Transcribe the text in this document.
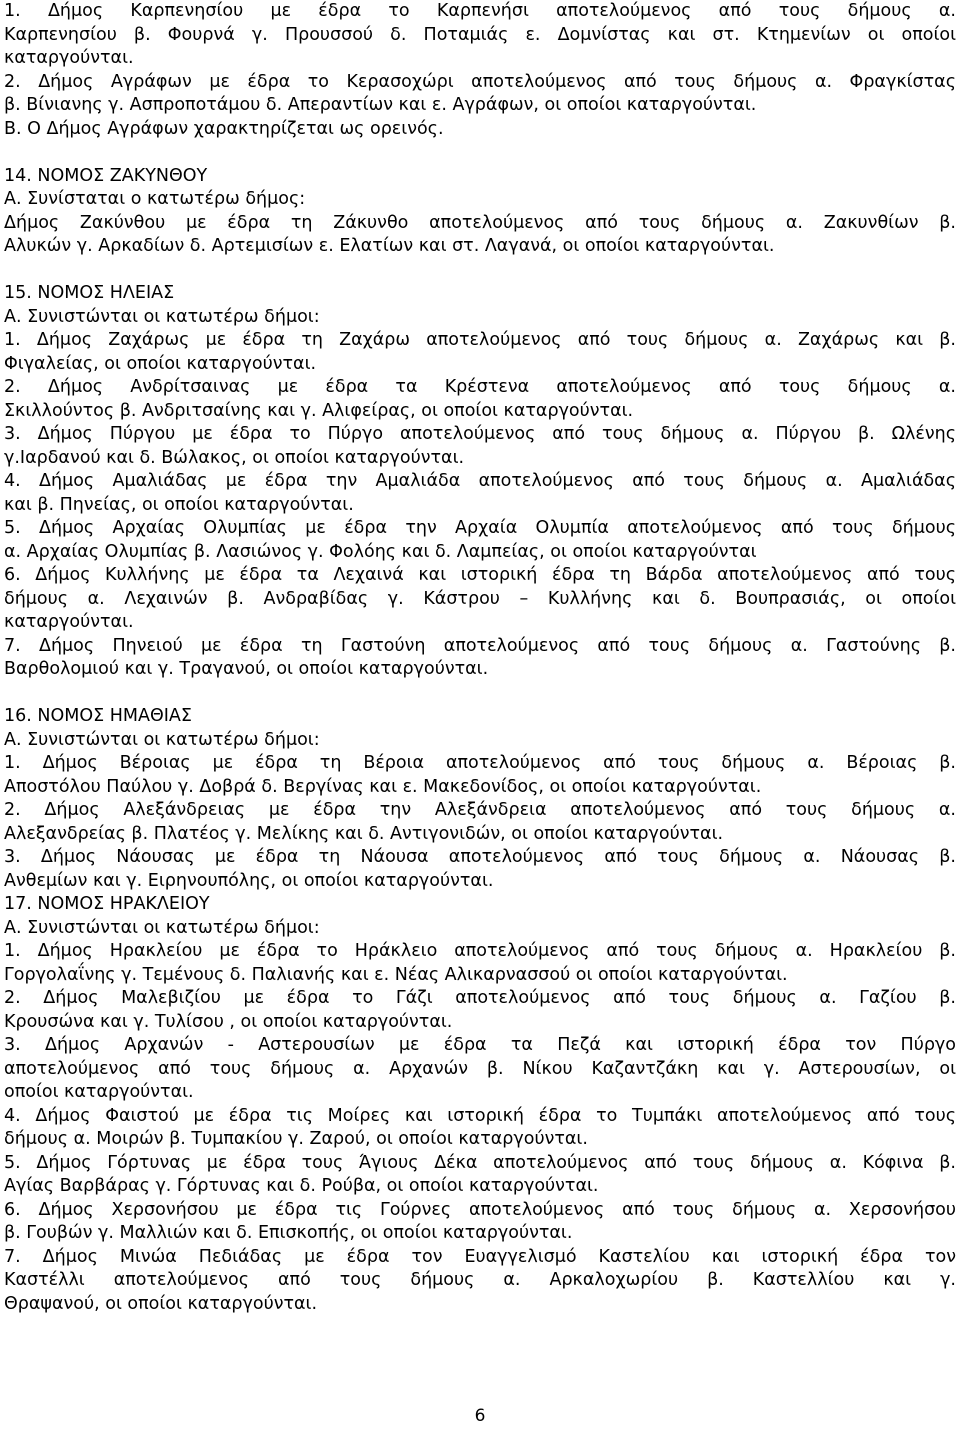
1. Δήμος Καρπενησίου με έδρα το Καρπενήσι αποτελούμενος από τους δήμους α.
Καρπενησίου β. Φουρνά γ. Προυσσού δ. Ποταμιάς ε. Δομνίστας και στ. Κτημενίων οι οποίοι
καταργούνται.
2. Δήμος Αγράφων με έδρα το Κερασοχώρι αποτελούμενος από τους δήμους α. Φραγκίστας
β. Βίνιανης γ. Ασπροποτάμου δ. Απεραντίων και ε. Αγράφων, οι οποίοι καταργούνται.
Β. Ο Δήμος Αγράφων χαρακτηρίζεται ως ορεινός.
14. ΝΟΜΟΣ ΖΑΚΥΝΘΟΥ
Α. Συνίσταται ο κατωτέρω δήμος:
Δήμος Ζακύνθου με έδρα τη Ζάκυνθο αποτελούμενος από τους δήμους α. Ζακυνθίων β.
Αλυκών γ. Αρκαδίων δ. Αρτεμισίων ε. Ελατίων και στ. Λαγανά, οι οποίοι καταργούνται.
15. ΝΟΜΟΣ ΗΛΕΙΑΣ
Α. Συνιστώνται οι κατωτέρω δήμοι:
1. Δήμος Ζαχάρως με έδρα τη Ζαχάρω αποτελούμενος από τους δήμους α. Ζαχάρως και β.
Φιγαλείας, οι οποίοι καταργούνται.
2. Δήμος Ανδρίτσαινας με έδρα τα Κρέστενα αποτελούμενος από τους δήμους α.
Σκιλλούντος β. Ανδριτσαίνης και γ. Αλιφείρας, οι οποίοι καταργούνται.
3. Δήμος Πύργου με έδρα το Πύργο αποτελούμενος από τους δήμους α. Πύργου β. Ωλένης
γ.Ιαρδανού και δ. Βώλακος, οι οποίοι καταργούνται.
4. Δήμος Αμαλιάδας με έδρα την Αμαλιάδα αποτελούμενος από τους δήμους α. Αμαλιάδας
και β. Πηνείας, οι οποίοι καταργούνται.
5. Δήμος Αρχαίας Ολυμπίας με έδρα την Αρχαία Ολυμπία αποτελούμενος από τους δήμους
α. Αρχαίας Ολυμπίας β. Λασιώνος γ. Φολόης και δ. Λαμπείας, οι οποίοι καταργούνται
6. Δήμος Κυλλήνης με έδρα τα Λεχαινά και ιστορική έδρα τη Βάρδα αποτελούμενος από τους
δήμους α. Λεχαινών β. Ανδραβίδας γ. Κάστρου – Κυλλήνης και δ. Βουπρασιάς, οι οποίοι
καταργούνται.
7. Δήμος Πηνειού με έδρα τη Γαστούνη αποτελούμενος από τους δήμους α. Γαστούνης β.
Βαρθολομιού και γ. Τραγανού, οι οποίοι καταργούνται.
16. ΝΟΜΟΣ ΗΜΑΘΙΑΣ
Α. Συνιστώνται οι κατωτέρω δήμοι:
1. Δήμος Βέροιας με έδρα τη Βέροια αποτελούμενος από τους δήμους α. Βέροιας β.
Αποστόλου Παύλου γ. Δοβρά δ. Βεργίνας και ε. Μακεδονίδος, οι οποίοι καταργούνται.
2. Δήμος Αλεξάνδρειας με έδρα την Αλεξάνδρεια αποτελούμενος από τους δήμους α.
Αλεξανδρείας β. Πλατέος γ. Μελίκης και δ. Αντιγονιδών, οι οποίοι καταργούνται.
3. Δήμος Νάουσας με έδρα τη Νάουσα αποτελούμενος από τους δήμους α. Νάουσας β.
Ανθεμίων και γ. Ειρηνουπόλης, οι οποίοι καταργούνται.
17. ΝΟΜΟΣ ΗΡΑΚΛΕΙΟΥ
Α. Συνιστώνται οι κατωτέρω δήμοι:
1. Δήμος Ηρακλείου με έδρα το Ηράκλειο αποτελούμενος από τους δήμους α. Ηρακλείου β.
Γοργολαΐνης γ. Τεμένους δ. Παλιανής και ε. Νέας Αλικαρνασσού οι οποίοι καταργούνται.
2. Δήμος Μαλεβιζίου με έδρα το Γάζι αποτελούμενος από τους δήμους α. Γαζίου β.
Κρουσώνα και γ. Τυλίσου , οι οποίοι καταργούνται.
3. Δήμος Αρχανών - Αστερουσίων με έδρα τα Πεζά και ιστορική έδρα τον Πύργο
αποτελούμενος από τους δήμους α. Αρχανών β. Νίκου Καζαντζάκη και γ. Αστερουσίων, οι
οποίοι καταργούνται.
4. Δήμος Φαιστού με έδρα τις Μοίρες και ιστορική έδρα το Τυμπάκι αποτελούμενος από τους
δήμους α. Μοιρών β. Τυμπακίου γ. Ζαρού, οι οποίοι καταργούνται.
5. Δήμος Γόρτυνας με έδρα τους Άγιους Δέκα αποτελούμενος από τους δήμους α. Κόφινα β.
Αγίας Βαρβάρας γ. Γόρτυνας και δ. Ρούβα, οι οποίοι καταργούνται.
6. Δήμος Χερσονήσου με έδρα τις Γούρνες αποτελούμενος από τους δήμους α. Χερσονήσου
β. Γουβών γ. Μαλλιών και δ. Επισκοπής, οι οποίοι καταργούνται.
7. Δήμος Μινώα Πεδιάδας με έδρα τον Ευαγγελισμό Καστελίου και ιστορική έδρα τον
Καστέλλι αποτελούμενος από τους δήμους α. Αρκαλοχωρίου β. Καστελλίου και γ.
Θραψανού, οι οποίοι καταργούνται.
6
